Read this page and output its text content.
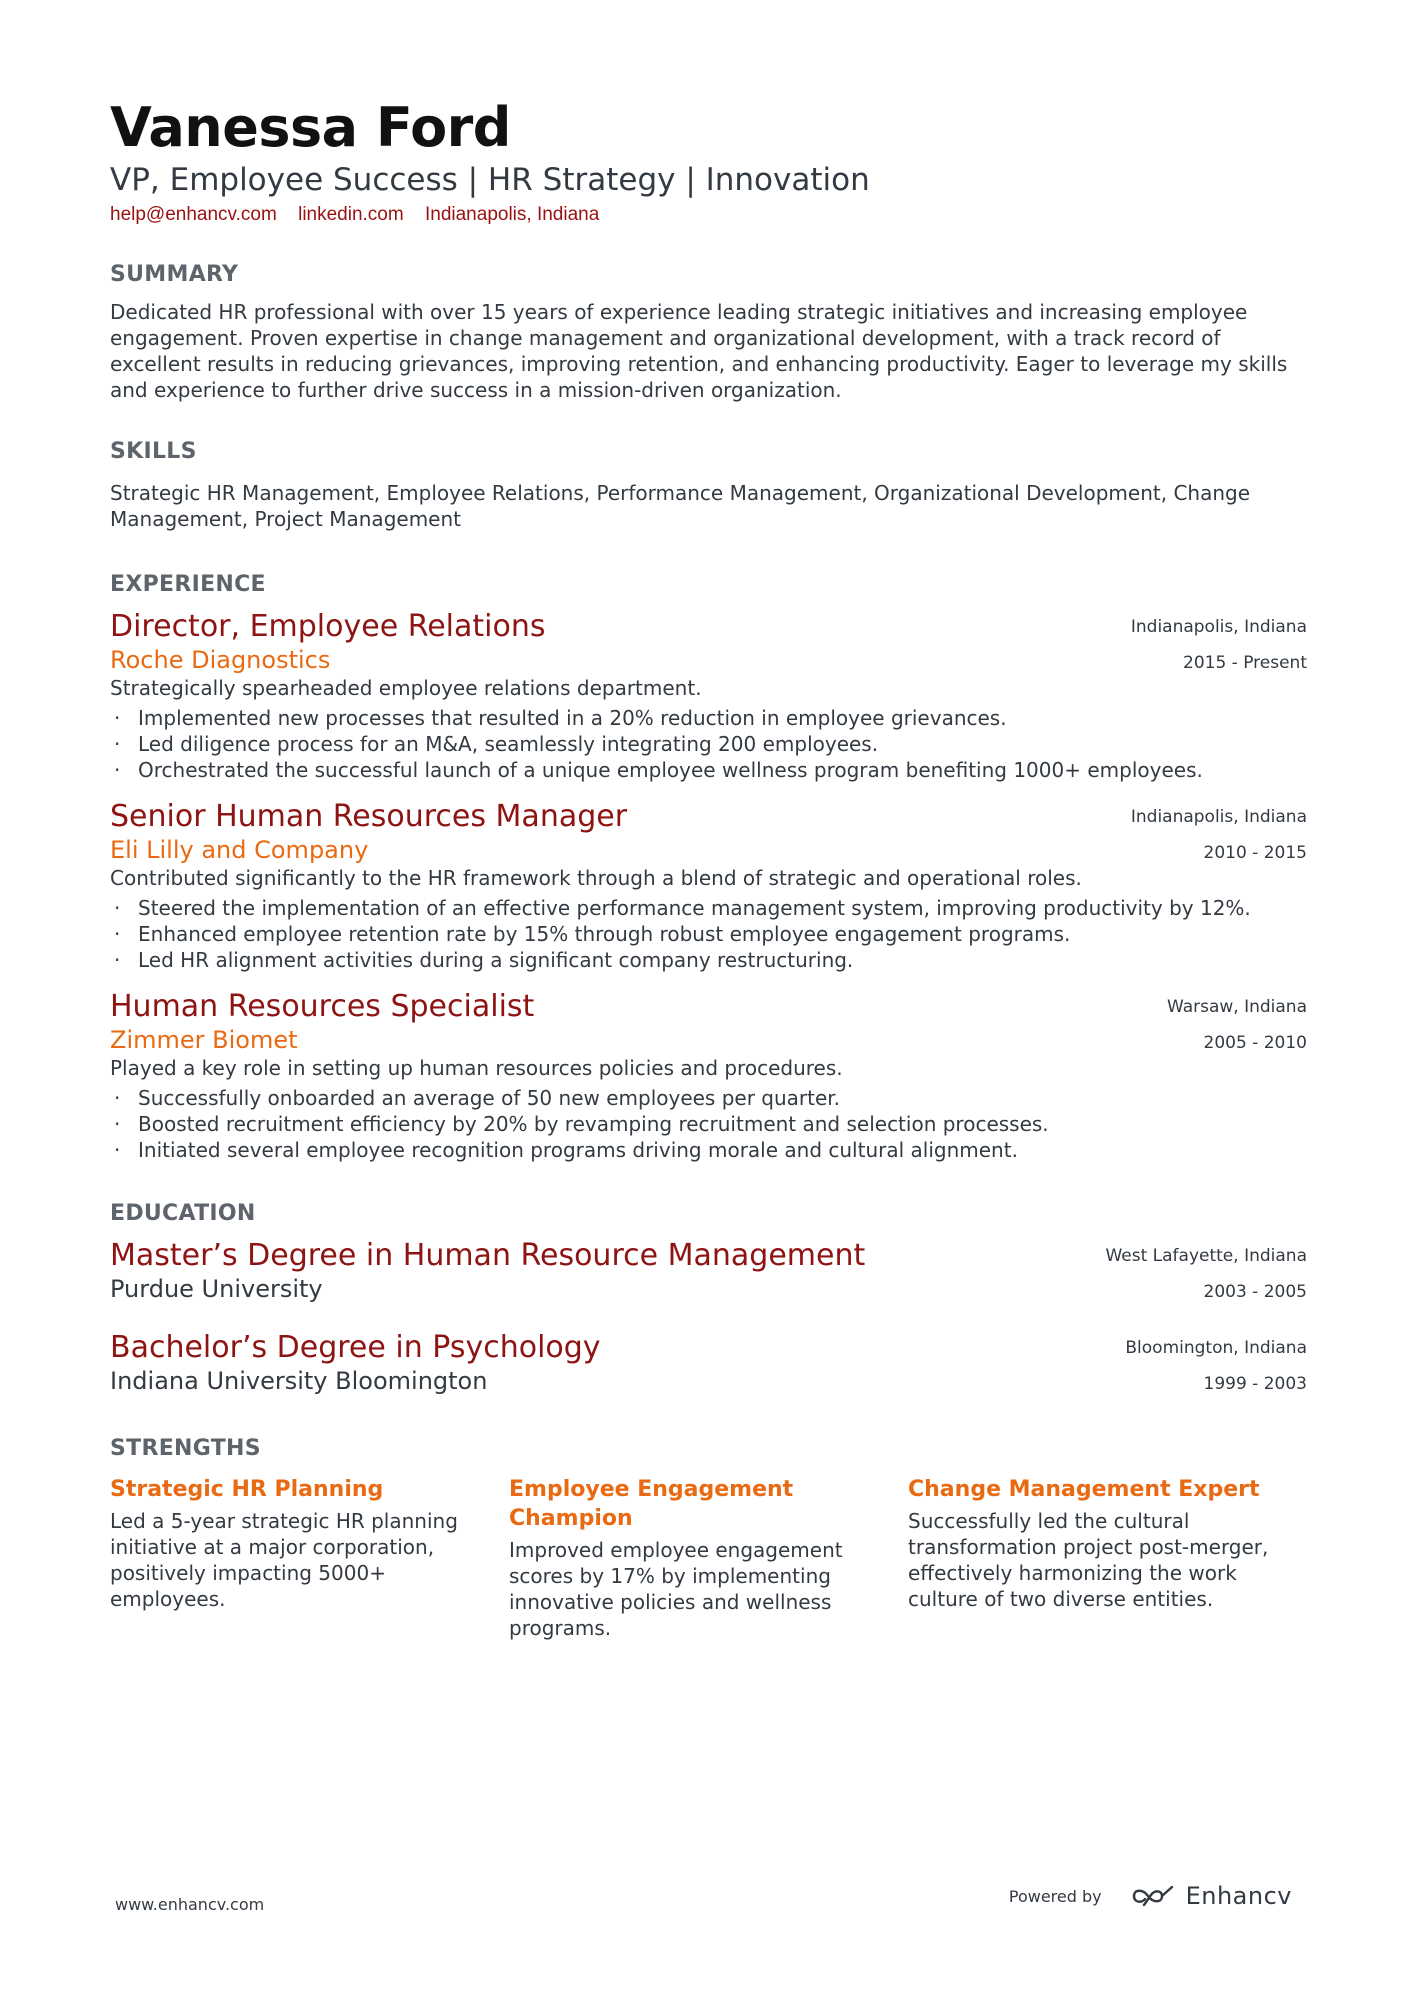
Vanessa Ford
VP, Employee Success | HR Strategy | Innovation
help@enhancv.com linkedin.com Indianapolis, Indiana
SUMMARY
Dedicated HR professional with over 15 years of experience leading strategic initiatives and increasing employee engagement. Proven expertise in change management and organizational development, with a track record of excellent results in reducing grievances, improving retention, and enhancing productivity. Eager to leverage my skills and experience to further drive success in a mission-driven organization.
SKILLS
Strategic HR Management, Employee Relations, Performance Management, Organizational Development, Change Management, Project Management
EXPERIENCE
Director, Employee Relations
Roche Diagnostics
Indianapolis, Indiana
2015 - Present
Strategically spearheaded employee relations department.
· Implemented new processes that resulted in a 20% reduction in employee grievances.
· Led diligence process for an M&A, seamlessly integrating 200 employees.
· Orchestrated the successful launch of a unique employee wellness program benefiting 1000+ employees.
Senior Human Resources Manager
Eli Lilly and Company
Indianapolis, Indiana
2010 - 2015
Contributed significantly to the HR framework through a blend of strategic and operational roles.
· Steered the implementation of an effective performance management system, improving productivity by 12%.
· Enhanced employee retention rate by 15% through robust employee engagement programs.
· Led HR alignment activities during a significant company restructuring.
Human Resources Specialist
Zimmer Biomet
Warsaw, Indiana
2005 - 2010
Played a key role in setting up human resources policies and procedures.
· Successfully onboarded an average of 50 new employees per quarter.
· Boosted recruitment efficiency by 20% by revamping recruitment and selection processes.
· Initiated several employee recognition programs driving morale and cultural alignment.
EDUCATION
Master’s Degree in Human Resource Management
Purdue University
West Lafayette, Indiana
2003 - 2005
Bachelor’s Degree in Psychology
Indiana University Bloomington
Bloomington, Indiana
1999 - 2003
STRENGTHS
Strategic HR Planning
Led a 5-year strategic HR planning initiative at a major corporation, positively impacting 5000+ employees.
Employee Engagement Champion
Improved employee engagement scores by 17% by implementing innovative policies and wellness programs.
Change Management Expert
Successfully led the cultural transformation project post-merger, effectively harmonizing the work culture of two diverse entities.
www.enhancv.com	Powered by	Enhancv
